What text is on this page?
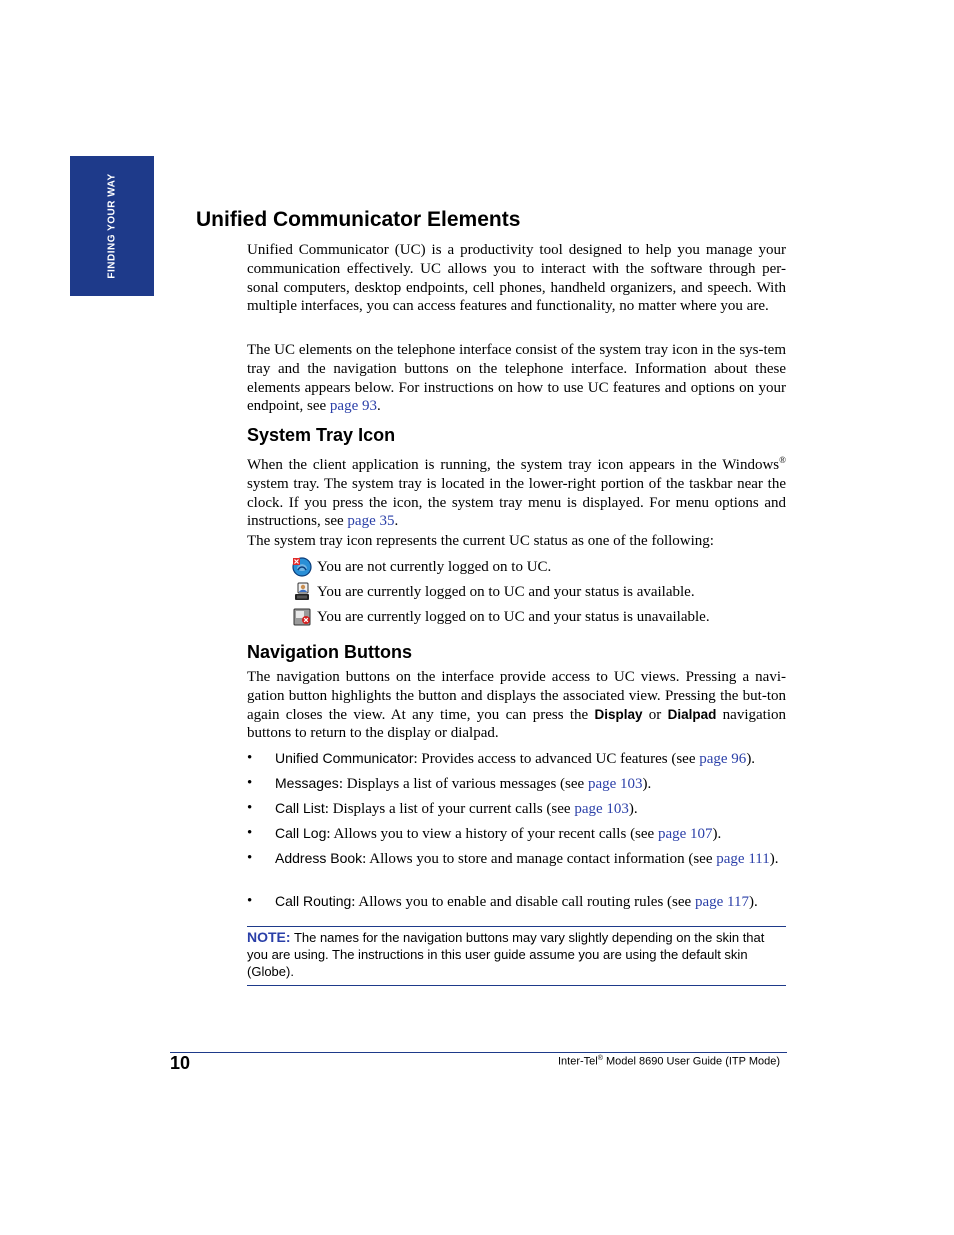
FINDING YOUR WAY	Unified Communicator Elements

Unified Communicator (UC) is a productivity tool designed to help you manage your communication effectively. UC allows you to interact with the software through per-sonal computers, desktop endpoints, cell phones, handheld organizers, and speech. With multiple interfaces, you can access features and functionality, no matter where you are.

The UC elements on the telephone interface consist of the system tray icon in the sys-tem tray and the navigation buttons on the telephone interface. Information about these elements appears below. For instructions on how to use UC features and options on your endpoint, see page 93.

System Tray Icon

When the client application is running, the system tray icon appears in the Windows® system tray. The system tray is located in the lower-right portion of the taskbar near the clock. If you press the icon, the system tray menu is displayed. For menu options and instructions, see page 35.

The system tray icon represents the current UC status as one of the following:

You are not currently logged on to UC.
You are currently logged on to UC and your status is available.
You are currently logged on to UC and your status is unavailable.
Navigation Buttons

The navigation buttons on the interface provide access to UC views. Pressing a navi-gation button highlights the button and displays the associated view. Pressing the but-ton again closes the view. At any time, you can press the Display or Dialpad navigation buttons to return to the display or dialpad.

• Unified Communicator: Provides access to advanced UC features (see page 96).
• Messages: Displays a list of various messages (see page 103).
• Call List: Displays a list of your current calls (see page 103).
• Call Log: Allows you to view a history of your recent calls (see page 107).
• Address Book: Allows you to store and manage contact information (see page 111).
• Call Routing: Allows you to enable and disable call routing rules (see page 117).
NOTE: The names for the navigation buttons may vary slightly depending on the skin that you are using. The instructions in this user guide assume you are using the default skin (Globe).
10	Inter-Tel® Model 8690 User Guide (ITP Mode)
